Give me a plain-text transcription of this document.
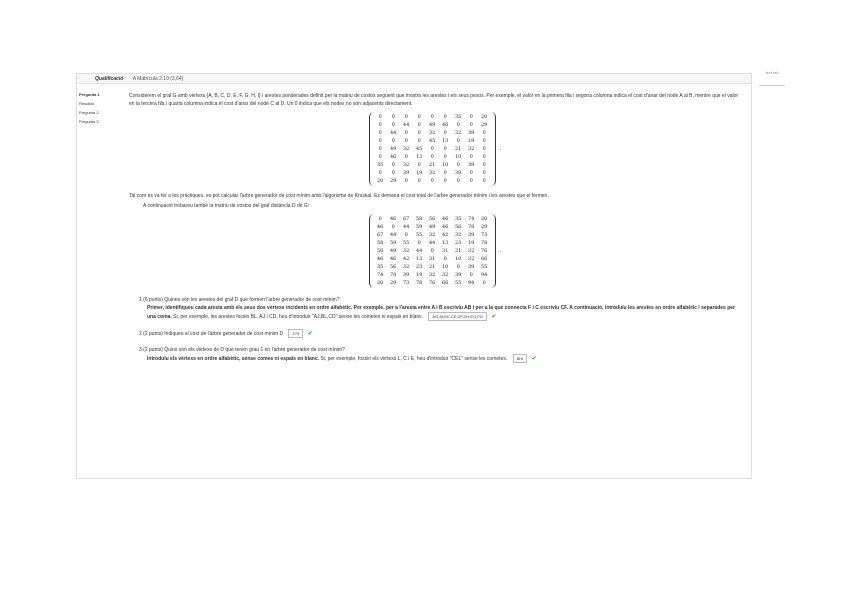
text tab
Qualificació A Matrícula 2.10 (3,64)
Pregunta 1
Resultat
Pregunta 2
Pregunta 3

Considerem el graf G amb vèrtexs {A, B, C, D, E, F, G, H, I} i arestes ponderades definit per la matriu de costos següent que mostra les arestes i els seus pesos. Per exemple, el valor en la primera fila i segona columna indica el cost d'anar del node A al B, mentre que el valor en la tercera fila i quarta columna indica el cost d'anar del node C al D. Un 0 indica que els nodes no són adjacents directament.

0	0	0	0	0	0	35	0	20
0	0	44	0	49	46	0	0	29
0	44	0	0	32	0	32	39	0
0	0	0	0	45	13	0	19	0
0	49	32	45	0	0	21	32	0
0	46	0	13	0	0	10	0	0
35	0	32	0	21	10	0	39	0
0	0	39	19	32	0	39	0	0
20	29	0	0	0	0	0	0	0
.

Tal com es va fer a les pràctiques, es pot calcular l'arbre generador de cost mínim amb l'algorisme de Kruskal. Es demana el cost total de l'arbre generador mínim i les arestes que el formen.

A continuació trobareu també la matriu de costos del graf distància D de G:

0	46	67	58	56	46	35	74	20
46	0	44	59	49	46	56	78	29
67	44	0	55	32	42	32	39	73
58	59	55	0	44	13	23	19	78
56	49	32	44	0	31	21	32	76
46	46	42	13	31	0	10	32	66
35	56	32	23	21	10	0	39	55
74	78	39	19	32	32	39	0	94
20	29	73	78	76	66	55	94	0
.
1 (6 punts) Quines són les arestes del graf D que formen l'arbre generador de cost mínim?
Primer, identifiqueu cada aresta amb els seus dos vèrtexs incidents en ordre alfabètic. Per exemple, per a l'aresta entre A i B escriviu AB i per a la que connecta F i C escriviu CF. A continuació, introduïu les arestes en ordre alfabètic i separades per una coma. Si, per exemple, les arestes fossin BL, AJ i CD, heu d'introduir "AJ,BL,CD" sense les cometes ni espais en blanc. AG,AI,BC,CE,DF,DH,EG,FG ✔
2 (2 punts) Indiqueu el cost de l'arbre generador de cost mínim D 170 ✔
3 (2 punts) Quins són els vèrtexs de D que tenen grau 1 en l'arbre generador de cost mínim?
Introduïu els vèrtexs en ordre alfabètic, sense comes ni espais en blanc. Si, per exemple, fossin els vèrtexs L, C i E, heu d'introduir "CEL" sense les cometes. BHI ✔
